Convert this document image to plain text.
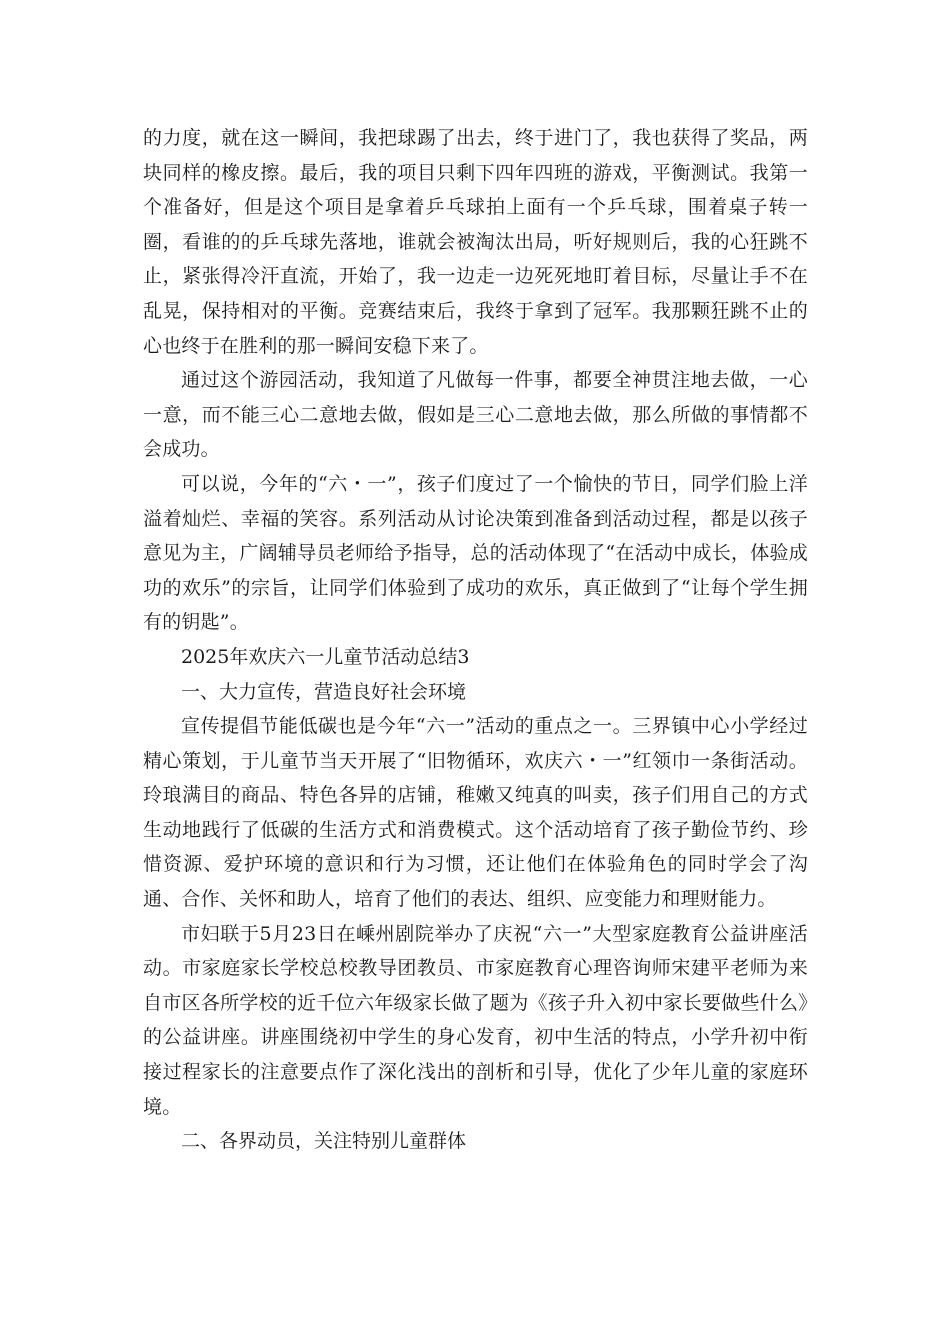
的力度，就在这一瞬间，我把球踢了出去，终于进门了，我也获得了奖品，两块同样的橡皮擦。最后，我的项目只剩下四年四班的游戏，平衡测试。我第一个准备好，但是这个项目是拿着乒乓球拍上面有一个乒乓球，围着桌子转一圈，看谁的的乒乓球先落地，谁就会被淘汰出局，听好规则后，我的心狂跳不止，紧张得冷汗直流，开始了，我一边走一边死死地盯着目标，尽量让手不在乱晃，保持相对的平衡。竞赛结束后，我终于拿到了冠军。我那颗狂跳不止的心也终于在胜利的那一瞬间安稳下来了。

通过这个游园活动，我知道了凡做每一件事，都要全神贯注地去做，一心一意，而不能三心二意地去做，假如是三心二意地去做，那么所做的事情都不会成功。

可以说，今年的“六・一”，孩子们度过了一个愉快的节日，同学们脸上洋溢着灿烂、幸福的笑容。系列活动从讨论决策到准备到活动过程，都是以孩子意见为主，广阔辅导员老师给予指导，总的活动体现了“在活动中成长，体验成功的欢乐”的宗旨，让同学们体验到了成功的欢乐，真正做到了“让每个学生拥有的钥匙”。

2025年欢庆六一儿童节活动总结3

一、大力宣传，营造良好社会环境

宣传提倡节能低碳也是今年“六一”活动的重点之一。三界镇中心小学经过精心策划，于儿童节当天开展了“旧物循环，欢庆六・一”红领巾一条街活动。玲琅满目的商品、特色各异的店铺，稚嫩又纯真的叫卖，孩子们用自己的方式生动地践行了低碳的生活方式和消费模式。这个活动培育了孩子勤俭节约、珍惜资源、爱护环境的意识和行为习惯，还让他们在体验角色的同时学会了沟通、合作、关怀和助人，培育了他们的表达、组织、应变能力和理财能力。

市妇联于5月23日在嵊州剧院举办了庆祝“六一”大型家庭教育公益讲座活动。市家庭家长学校总校教导团教员、市家庭教育心理咨询师宋建平老师为来自市区各所学校的近千位六年级家长做了题为《孩子升入初中家长要做些什么》的公益讲座。讲座围绕初中学生的身心发育，初中生活的特点，小学升初中衔接过程家长的注意要点作了深化浅出的剖析和引导，优化了少年儿童的家庭环境。

二、各界动员，关注特别儿童群体
